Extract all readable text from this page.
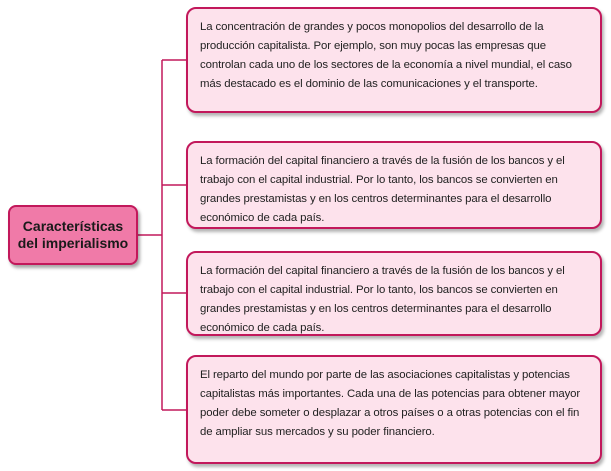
Características del imperialismo
La concentración de grandes y pocos monopolios del desarrollo de la producción capitalista. Por ejemplo, son muy pocas las empresas que controlan cada uno de los sectores de la economía a nivel mundial, el caso más destacado es el dominio de las comunicaciones y el transporte.
La formación del capital financiero a través de la fusión de los bancos y el trabajo con el capital industrial. Por lo tanto, los bancos se convierten en grandes prestamistas y en los centros determinantes para el desarrollo económico de cada país.
La formación del capital financiero a través de la fusión de los bancos y el trabajo con el capital industrial. Por lo tanto, los bancos se convierten en grandes prestamistas y en los centros determinantes para el desarrollo económico de cada país.
El reparto del mundo por parte de las asociaciones capitalistas y potencias capitalistas más importantes. Cada una de las potencias para obtener mayor poder debe someter o desplazar a otros países o a otras potencias con el fin de ampliar sus mercados y su poder financiero.
